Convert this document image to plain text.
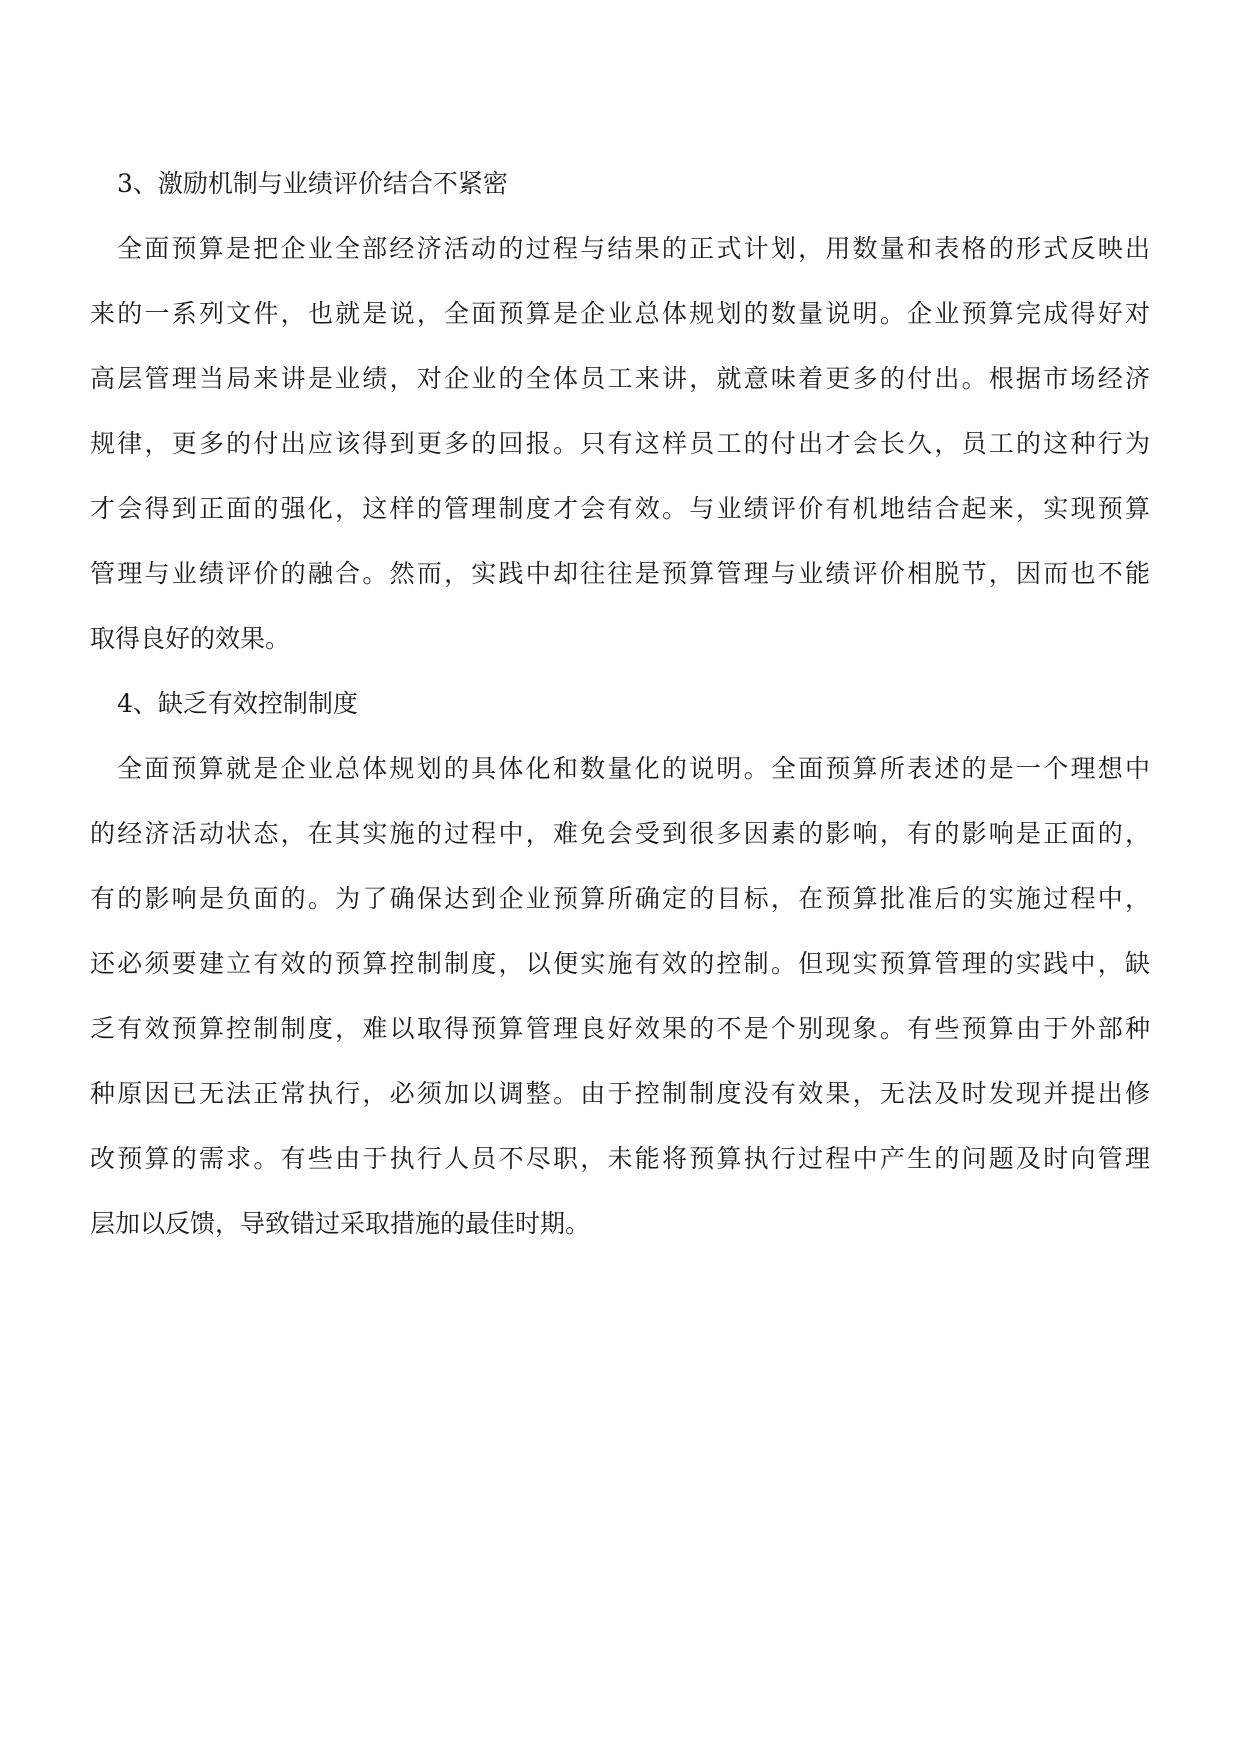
3、激励机制与业绩评价结合不紧密
全面预算是把企业全部经济活动的过程与结果的正式计划，用数量和表格的形式反映出
来的一系列文件，也就是说，全面预算是企业总体规划的数量说明。企业预算完成得好对
高层管理当局来讲是业绩，对企业的全体员工来讲，就意味着更多的付出。根据市场经济
规律，更多的付出应该得到更多的回报。只有这样员工的付出才会长久，员工的这种行为
才会得到正面的强化，这样的管理制度才会有效。与业绩评价有机地结合起来，实现预算
管理与业绩评价的融合。然而，实践中却往往是预算管理与业绩评价相脱节，因而也不能
取得良好的效果。
4、缺乏有效控制制度
全面预算就是企业总体规划的具体化和数量化的说明。全面预算所表述的是一个理想中
的经济活动状态，在其实施的过程中，难免会受到很多因素的影响，有的影响是正面的，
有的影响是负面的。为了确保达到企业预算所确定的目标，在预算批准后的实施过程中，
还必须要建立有效的预算控制制度，以便实施有效的控制。但现实预算管理的实践中，缺
乏有效预算控制制度，难以取得预算管理良好效果的不是个别现象。有些预算由于外部种
种原因已无法正常执行，必须加以调整。由于控制制度没有效果，无法及时发现并提出修
改预算的需求。有些由于执行人员不尽职，未能将预算执行过程中产生的问题及时向管理
层加以反馈，导致错过采取措施的最佳时期。
